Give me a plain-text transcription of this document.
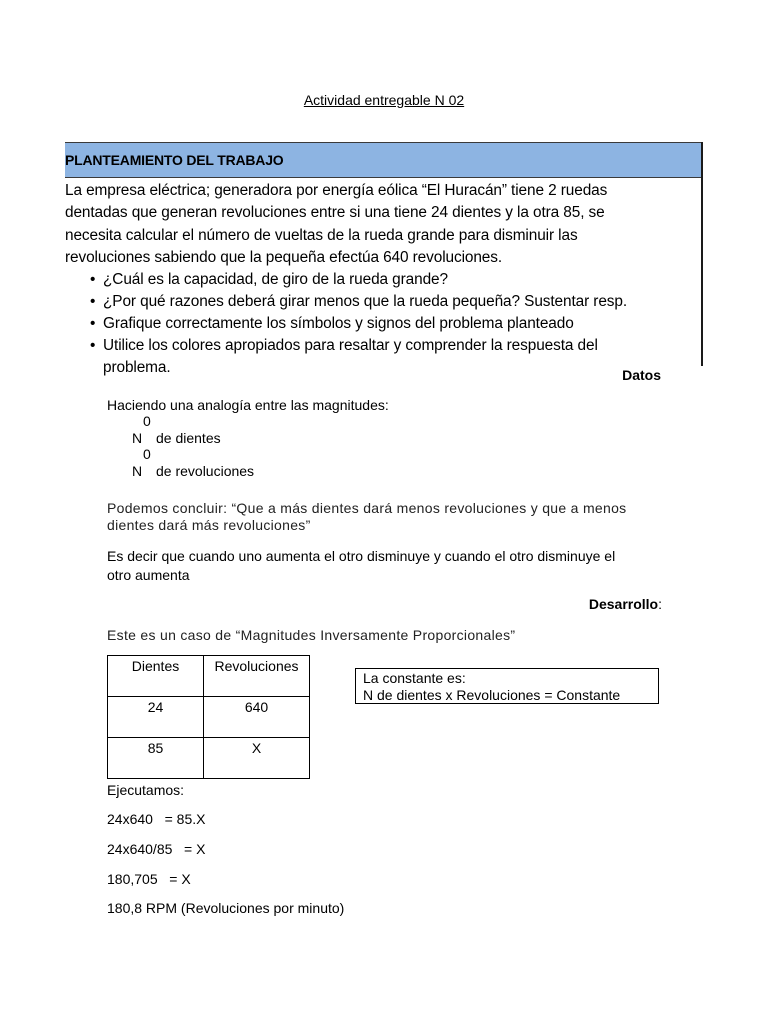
Actividad entregable N 02
PLANTEAMIENTO DEL TRABAJO
La empresa eléctrica; generadora por energía eólica “El Huracán” tiene 2 ruedas
dentadas que generan revoluciones entre si una tiene 24 dientes y la otra 85, se
necesita calcular el número de vueltas de la rueda grande para disminuir las
revoluciones sabiendo que la pequeña efectúa 640 revoluciones.
• ¿Cuál es la capacidad, de giro de la rueda grande?
• ¿Por qué razones deberá girar menos que la rueda pequeña? Sustentar resp.
• Grafique correctamente los símbolos y signos del problema planteado
• Utilice los colores apropiados para resaltar y comprender la respuesta del
problema.	Datos
Haciendo una analogía entre las magnitudes:
0
N de dientes
0
N de revoluciones
Podemos concluir: “Que a más dientes dará menos revoluciones y que a menos
dientes dará más revoluciones”
Es decir que cuando uno aumenta el otro disminuye y cuando el otro disminuye el
otro aumenta
Desarrollo:
Este es un caso de “Magnitudes Inversamente Proporcionales”
Dientes	Revoluciones
24	640
85	X
La constante es:
N de dientes x Revoluciones = Constante
Ejecutamos:
24x640   = 85.X
24x640/85   = X
180,705   = X
180,8 RPM (Revoluciones por minuto)
